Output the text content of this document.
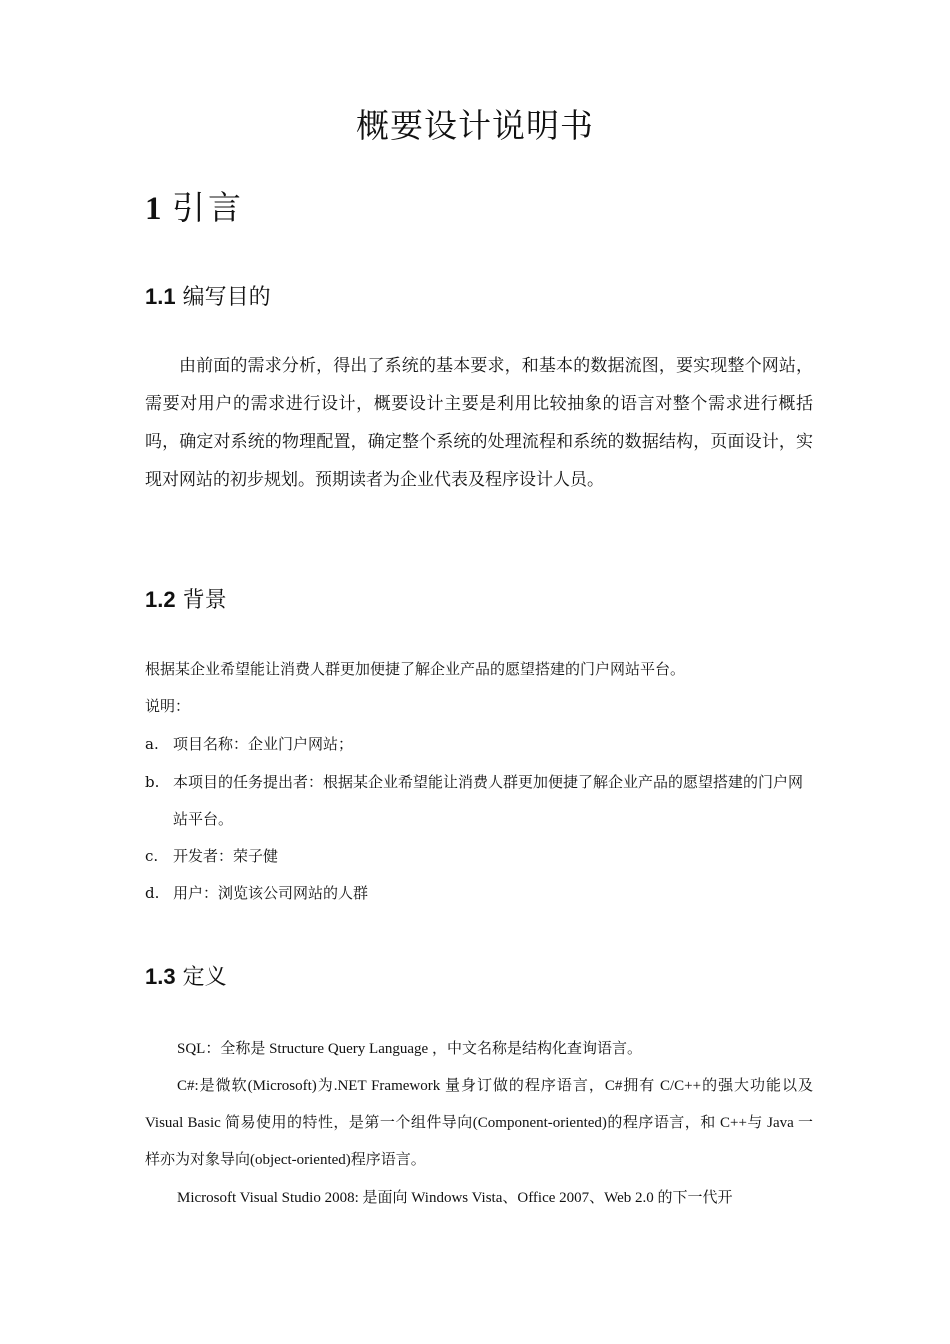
概要设计说明书
1 引言
1.1 编写目的

由前面的需求分析，得出了系统的基本要求，和基本的数据流图，要实现整个网站，需要对用户的需求进行设计，概要设计主要是利用比较抽象的语言对整个需求进行概括吗，确定对系统的物理配置，确定整个系统的处理流程和系统的数据结构，页面设计，实现对网站的初步规划。预期读者为企业代表及程序设计人员。

1.2 背景

根据某企业希望能让消费人群更加便捷了解企业产品的愿望搭建的门户网站平台。

说明：

a. 项目名称：企业门户网站；
b. 本项目的任务提出者：根据某企业希望能让消费人群更加便捷了解企业产品的愿望搭建的门户网站平台。
c. 开发者：荣子健
d. 用户：浏览该公司网站的人群
1.3 定义

SQL：全称是 Structure Query Language ，中文名称是结构化查询语言。

C#:是微软(Microsoft)为.NET Framework 量身订做的程序语言，C#拥有 C/C++的强大功能以及 Visual Basic 简易使用的特性，是第一个组件导向(Component-oriented)的程序语言，和 C++与 Java 一样亦为对象导向(object-oriented)程序语言。

Microsoft Visual Studio 2008: 是面向 Windows Vista、Office 2007、Web 2.0 的下一代开
